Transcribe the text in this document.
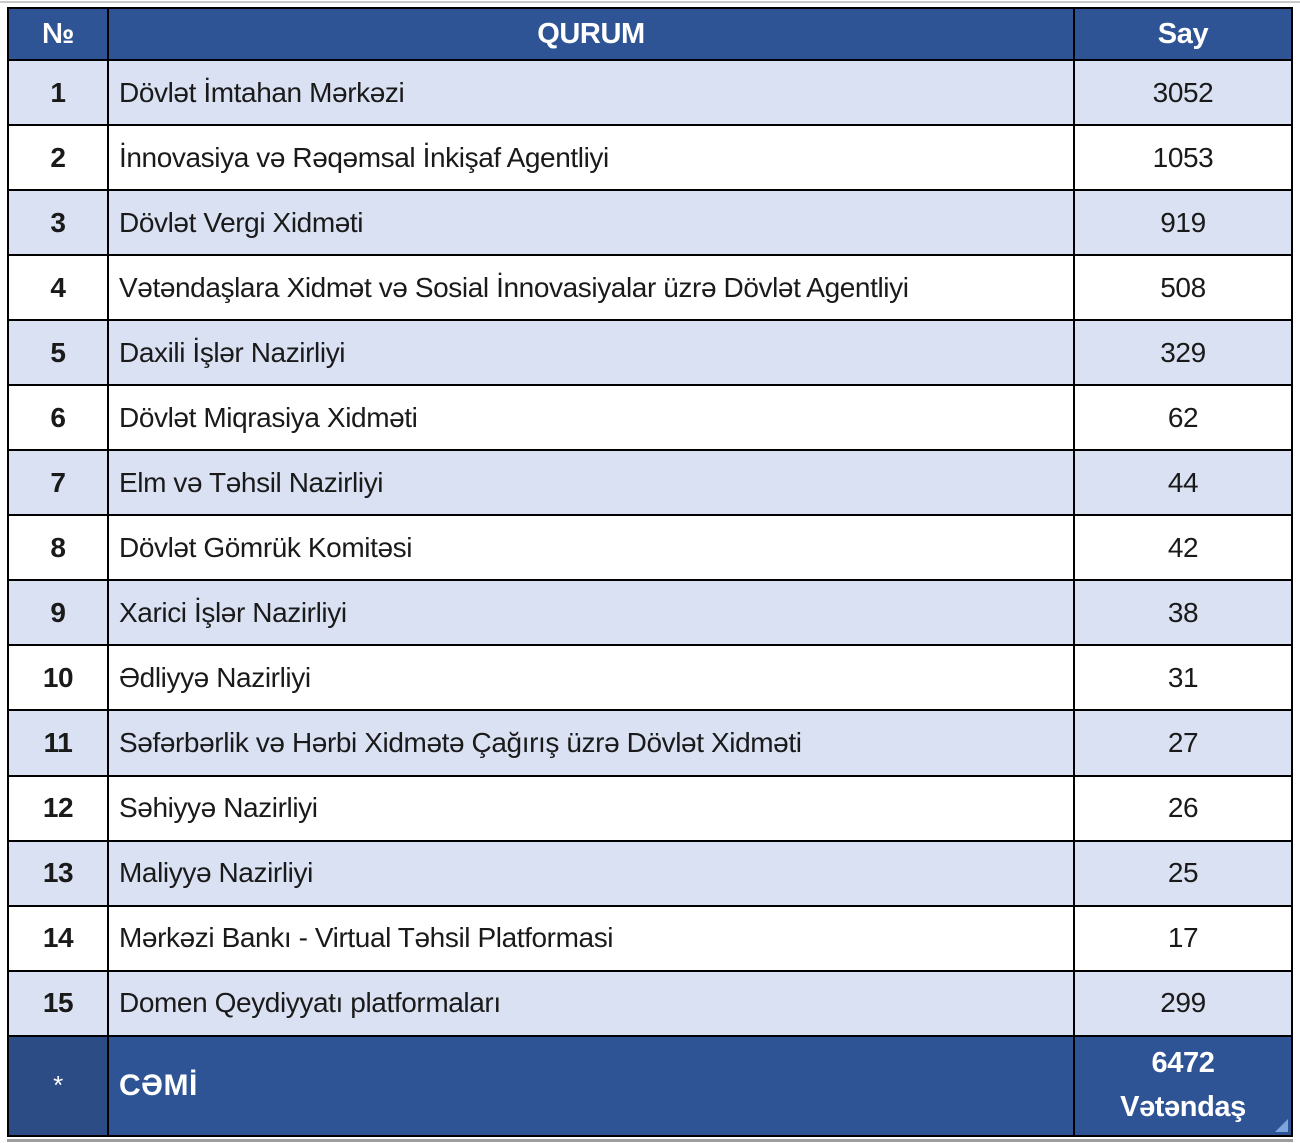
№	QURUM	Say
1	Dövlət İmtahan Mərkəzi	3052
2	İnnovasiya və Rəqəmsal İnkişaf Agentliyi	1053
3	Dövlət Vergi Xidməti	919
4	Vətəndaşlara Xidmət və Sosial İnnovasiyalar üzrə Dövlət Agentliyi	508
5	Daxili İşlər Nazirliyi	329
6	Dövlət Miqrasiya Xidməti	62
7	Elm və Təhsil Nazirliyi	44
8	Dövlət Gömrük Komitəsi	42
9	Xarici İşlər Nazirliyi	38
10	Ədliyyə Nazirliyi	31
11	Səfərbərlik və Hərbi Xidmətə Çağırış üzrə Dövlət Xidməti	27
12	Səhiyyə Nazirliyi	26
13	Maliyyə Nazirliyi	25
14	Mərkəzi Bankı - Virtual Təhsil Platformasi	17
15	Domen Qeydiyyatı platformaları	299
*	CƏMİ	6472
Vətəndaş
